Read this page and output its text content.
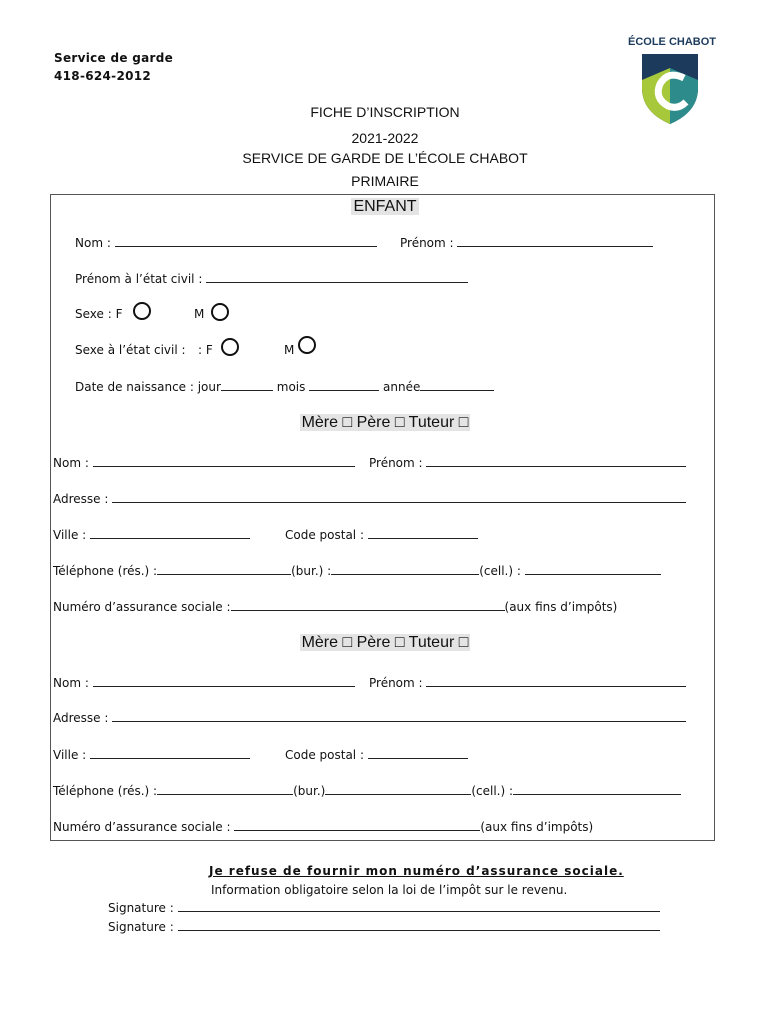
Service de garde
418-624-2012
ÉCOLE CHABOT
FICHE D’INSCRIPTION
2021-2022
SERVICE DE GARDE DE L’ÉCOLE CHABOT
PRIMAIRE
ENFANT
Nom :	Prénom :
Prénom à l’état civil :
Sexe : F	M
Sexe à l’état civil : : F	M
Date de naissance : jour	mois	année
Mère □ Père □ Tuteur □
Nom :	Prénom :
Adresse :
Ville :	Code postal :
Téléphone (rés.) :	(bur.) :	(cell.) :
Numéro d’assurance sociale :	(aux fins d’impôts)
Mère □ Père □ Tuteur □
Nom :	Prénom :
Adresse :
Ville :	Code postal :
Téléphone (rés.) :	(bur.)	(cell.) :
Numéro d’assurance sociale :	(aux fins d’impôts)
Je refuse de fournir mon numéro d’assurance sociale.
Information obligatoire selon la loi de l’impôt sur le revenu.
Signature :
Signature :
